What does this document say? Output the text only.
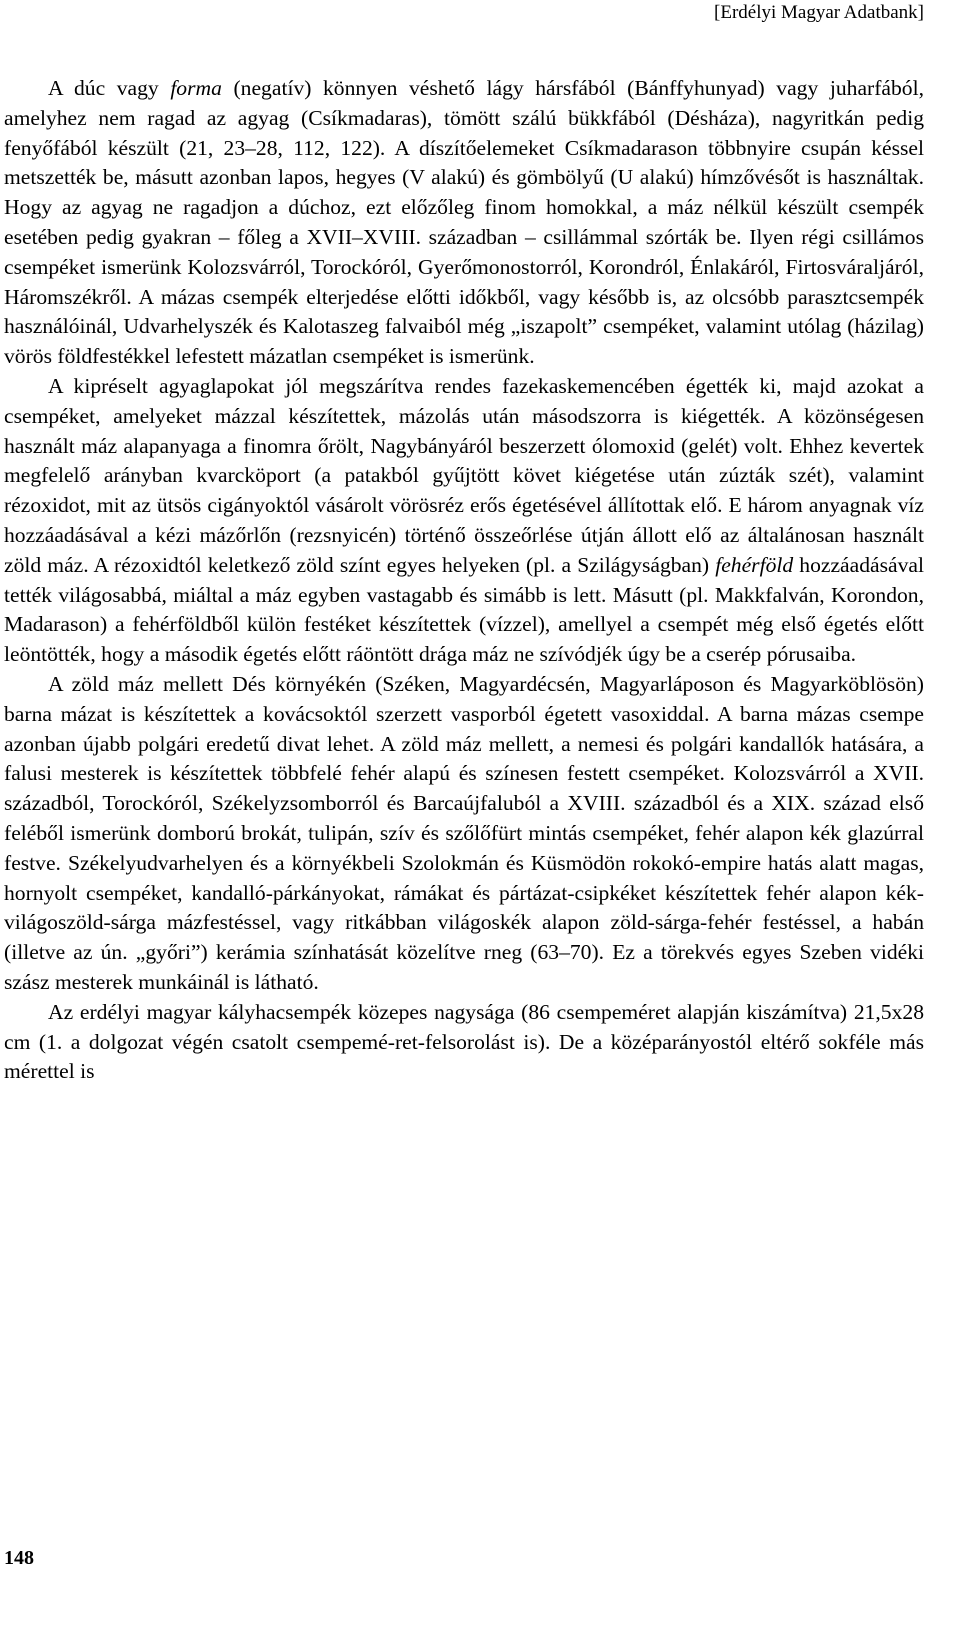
[Erdélyi Magyar Adatbank]

A dúc vagy forma (negatív) könnyen véshető lágy hársfából (Bánffyhunyad) vagy juharfából, amelyhez nem ragad az agyag (Csíkmadaras), tömött szálú bükkfából (Désháza), nagyritkán pedig fenyőfából készült (21, 23–28, 112, 122). A díszítőelemeket Csíkmadarason többnyire csupán késsel metszették be, másutt azonban lapos, hegyes (V alakú) és gömbölyű (U alakú) hímzővésőt is használtak. Hogy az agyag ne ragadjon a dúchoz, ezt előzőleg finom homokkal, a máz nélkül készült csempék esetében pedig gyakran – főleg a XVII–XVIII. században – csillámmal szórták be. Ilyen régi csillámos csempéket ismerünk Kolozsvárról, Torockóról, Gyerőmonostorról, Korondról, Énlakáról, Firtosváraljáról, Háromszékről. A mázas csempék elterjedése előtti időkből, vagy később is, az olcsóbb parasztcsempék használóinál, Udvarhelyszék és Kalotaszeg falvaiból még „iszapolt” csempéket, valamint utólag (házilag) vörös földfestékkel lefestett mázatlan csempéket is ismerünk.

A kipréselt agyaglapokat jól megszárítva rendes fazekaskemencében égették ki, majd azokat a csempéket, amelyeket mázzal készítettek, mázolás után másodszorra is kiégették. A közönségesen használt máz alapanyaga a finomra őrölt, Nagybányáról beszerzett ólomoxid (gelét) volt. Ehhez kevertek megfelelő arányban kvarcköport (a patakból gyűjtött követ kiégetése után zúzták szét), valamint rézoxidot, mit az ütsös cigányoktól vásárolt vörösréz erős égetésével állítottak elő. E három anyagnak víz hozzáadásával a kézi mázőrlőn (rezsnyicén) történő összeőrlése útján állott elő az általánosan használt zöld máz. A rézoxidtól keletkező zöld színt egyes helyeken (pl. a Szilágyságban) fehérföld hozzáadásával tették világosabbá, miáltal a máz egyben vastagabb és simább is lett. Másutt (pl. Makkfalván, Korondon, Madarason) a fehérföldből külön festéket készítettek (vízzel), amellyel a csempét még első égetés előtt leöntötték, hogy a második égetés előtt ráöntött drága máz ne szívódjék úgy be a cserép pórusaiba.

A zöld máz mellett Dés környékén (Széken, Magyardécsén, Magyarláposon és Magyarköblösön) barna mázat is készítettek a kovácsoktól szerzett vasporból égetett vasoxiddal. A barna mázas csempe azonban újabb polgári eredetű divat lehet. A zöld máz mellett, a nemesi és polgári kandallók hatására, a falusi mesterek is készítettek többfelé fehér alapú és színesen festett csempéket. Kolozsvárról a XVII. századból, Torockóról, Székelyzsomborról és Barcaújfaluból a XVIII. századból és a XIX. század első feléből ismerünk domború brokát, tulipán, szív és szőlőfürt mintás csempéket, fehér alapon kék glazúrral festve. Székelyudvarhelyen és a környékbeli Szolokmán és Küsmödön rokokó-empire hatás alatt magas, hornyolt csempéket, kandalló-párkányokat, rámákat és pártázat-csipkéket készítettek fehér alapon kék-világoszöld-sárga mázfestéssel, vagy ritkábban világoskék alapon zöld-sárga-fehér festéssel, a habán (illetve az ún. „győri”) kerámia színhatását közelítve rneg (63–70). Ez a törekvés egyes Szeben vidéki szász mesterek munkáinál is látható.

Az erdélyi magyar kályhacsempék közepes nagysága (86 csempeméret alapján kiszámítva) 21,5x28 cm (1. a dolgozat végén csatolt csempemé-ret-felsorolást is). De a középarányostól eltérő sokféle más mérettel is

148
